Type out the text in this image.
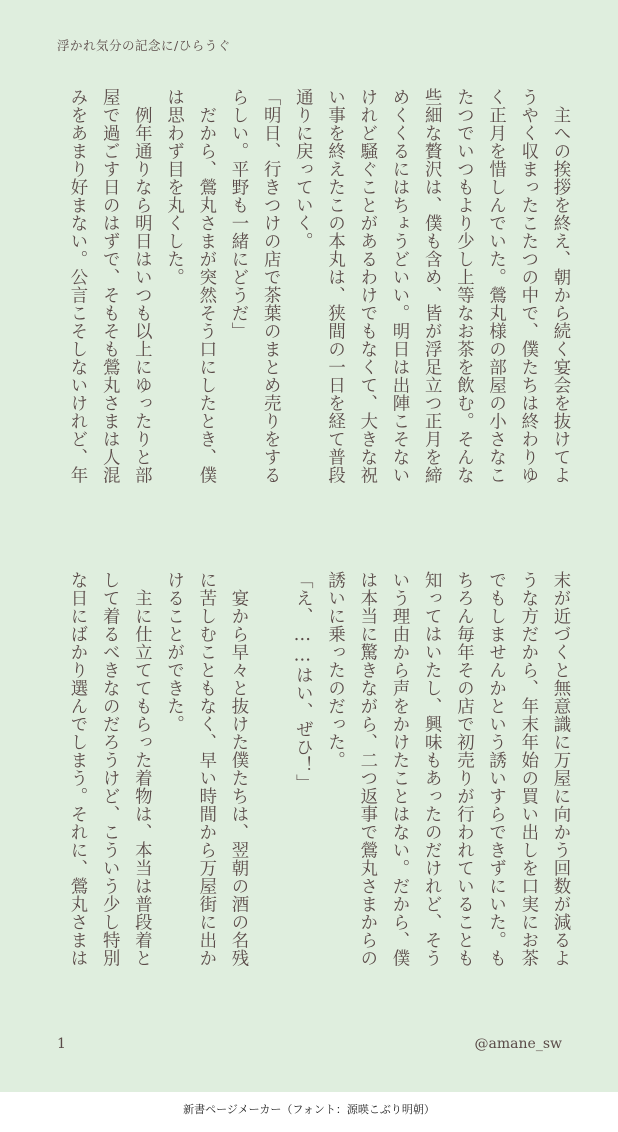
浮かれ気分の記念に/ひらうぐ

　主への挨拶を終え、朝から続く宴会を抜けてよ

うやく収まったこたつの中で、僕たちは終わりゆ

く正月を惜しんでいた。鶯丸様の部屋の小さなこ

たつでいつもより少し上等なお茶を飲む。そんな

些細な贅沢は、僕も含め、皆が浮足立つ正月を締

めくくるにはちょうどいい。明日は出陣こそない

けれど騒ぐことがあるわけでもなくて、大きな祝

い事を終えたこの本丸は、狭間の一日を経て普段

通りに戻っていく。

「明日、行きつけの店で茶葉のまとめ売りをする

らしい。平野も一緒にどうだ」

　だから、鶯丸さまが突然そう口にしたとき、僕

は思わず目を丸くした。

　例年通りなら明日はいつも以上にゆったりと部

屋で過ごす日のはずで、そもそも鶯丸さまは人混

みをあまり好まない。公言こそしないけれど、年

末が近づくと無意識に万屋に向かう回数が減るよ

うな方だから、年末年始の買い出しを口実にお茶

でもしませんかという誘いすらできずにいた。も

ちろん毎年その店で初売りが行われていることも

知ってはいたし、興味もあったのだけれど、そう

いう理由から声をかけたことはない。だから、僕

は本当に驚きながら、二つ返事で鶯丸さまからの

誘いに乗ったのだった。

「え、……はい、ぜひ！」

　宴から早々と抜けた僕たちは、翌朝の酒の名残

に苦しむこともなく、早い時間から万屋街に出か

けることができた。

　主に仕立ててもらった着物は、本当は普段着と

して着るべきなのだろうけど、こういう少し特別

な日にばかり選んでしまう。それに、鶯丸さまは

1	@amane_sw
新書ページメーカー（フォント：源暎こぶり明朝）
